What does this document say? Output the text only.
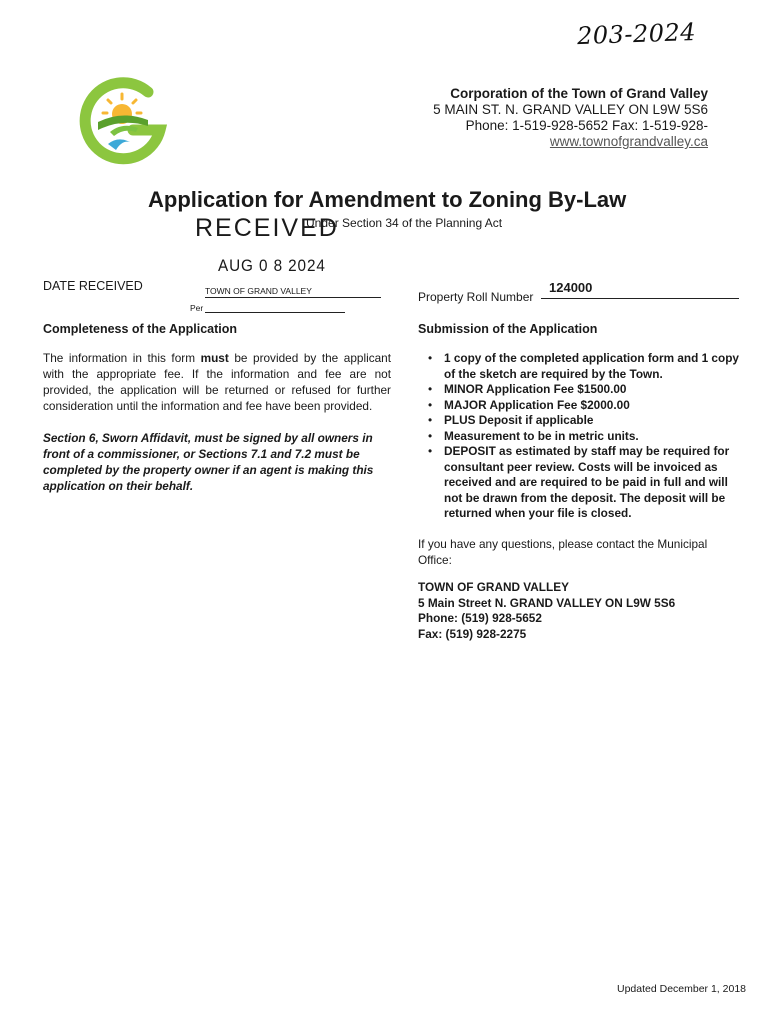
203-2024
Corporation of the Town of Grand Valley
5 MAIN ST. N. GRAND VALLEY ON L9W 5S6
Phone: 1-519-928-5652 Fax: 1-519-928-
www.townofgrandvalley.ca
Application for Amendment to Zoning By-Law
RECEIVED
Under Section 34 of the Planning Act
AUG 0 8 2024
DATE RECEIVED	TOWN OF GRAND VALLEY
Per
Property Roll Number
124000
Completeness of the Application	Submission of the Application

The information in this form must be provided by the applicant with the appropriate fee. If the information and fee are not provided, the application will be returned or refused for further consideration until the information and fee have been provided.

Section 6, Sworn Affidavit, must be signed by all owners in front of a commissioner, or Sections 7.1 and 7.2 must be completed by the property owner if an agent is making this application on their behalf.

• 1 copy of the completed application form and 1 copy of the sketch are required by the Town.
• MINOR Application Fee $1500.00
• MAJOR Application Fee $2000.00
• PLUS Deposit if applicable
• Measurement to be in metric units.
• DEPOSIT as estimated by staff may be required for consultant peer review. Costs will be invoiced as received and are required to be paid in full and will not be drawn from the deposit. The deposit will be returned when your file is closed.
If you have any questions, please contact the Municipal Office:
TOWN OF GRAND VALLEY
5 Main Street N. GRAND VALLEY ON L9W 5S6
Phone: (519) 928-5652
Fax: (519) 928-2275
Updated December 1, 2018
